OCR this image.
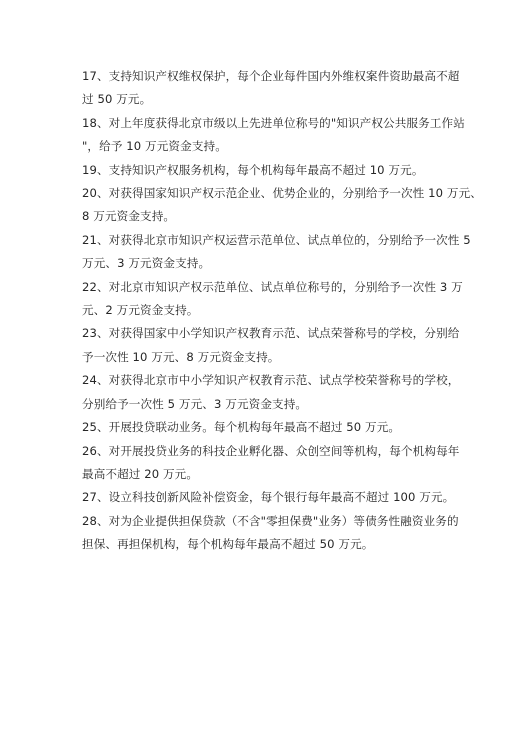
17、支持知识产权维权保护，每个企业每件国内外维权案件资助最高不超
过 50 万元。

18、对上年度获得北京市级以上先进单位称号的"知识产权公共服务工作站
"，给予 10 万元资金支持。

19、支持知识产权服务机构，每个机构每年最高不超过 10 万元。

20、对获得国家知识产权示范企业、优势企业的，分别给予一次性 10 万元、
8 万元资金支持。

21、对获得北京市知识产权运营示范单位、试点单位的，分别给予一次性 5
万元、3 万元资金支持。

22、对北京市知识产权示范单位、试点单位称号的，分别给予一次性 3 万
元、2 万元资金支持。

23、对获得国家中小学知识产权教育示范、试点荣誉称号的学校，分别给
予一次性 10 万元、8 万元资金支持。

24、对获得北京市中小学知识产权教育示范、试点学校荣誉称号的学校，
分别给予一次性 5 万元、3 万元资金支持。

25、开展投贷联动业务。每个机构每年最高不超过 50 万元。

26、对开展投贷业务的科技企业孵化器、众创空间等机构，每个机构每年
最高不超过 20 万元。

27、设立科技创新风险补偿资金，每个银行每年最高不超过 100 万元。

28、对为企业提供担保贷款（不含"零担保费"业务）等债务性融资业务的
担保、再担保机构，每个机构每年最高不超过 50 万元。
